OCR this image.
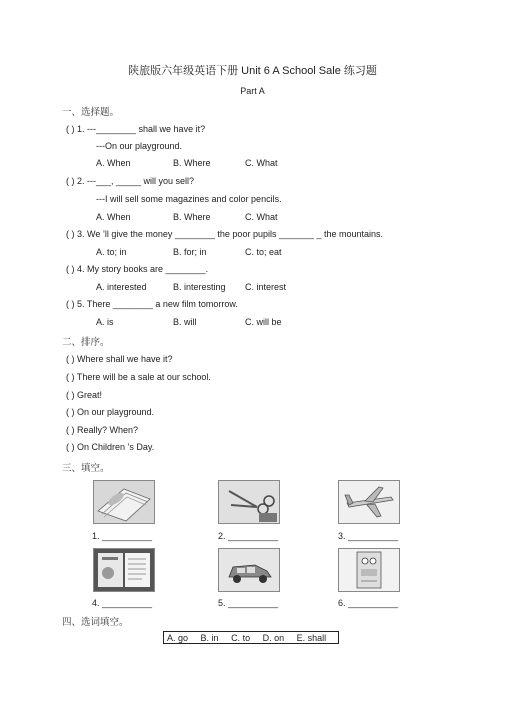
陕旅版六年级英语下册 Unit 6 A School Sale 练习题
Part A
一、选择题。
( ) 1. ---________ shall we have it?
---On our playground.
A. When	B. Where	C. What
( ) 2. ---___, _____ will you sell?
---I will sell some magazines and color pencils.
A. When	B. Where	C. What
( ) 3. We ’ll give the money ________ the poor pupils _______ _ the mountains.
A. to; in	B. for; in	C. to; eat
( ) 4. My story books are ________.
A. interested	B. interesting C. interest
( ) 5. There ________ a new film tomorrow.
A. is	B. will	C. will be
二、排序。
( ) Where shall we have it?
( ) There will be a sale at our school.
( ) Great!
( ) On our playground.
( ) Really? When?
( ) On Children ’s Day.
三、填空。
1. __________	2. __________	3. __________
4. __________	5. __________	6. __________
四、选词填空。
A. go B. in C. to D. on E. shall
